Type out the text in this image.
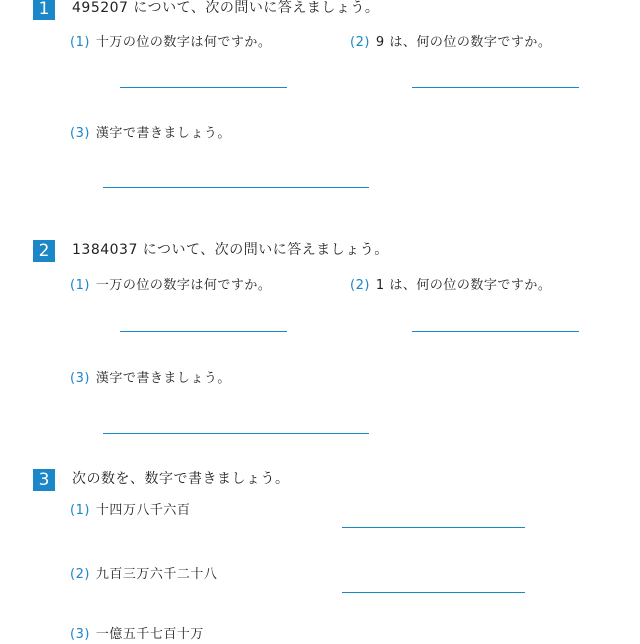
1	495207 について、次の問いに答えましょう。
(1) 十万の位の数字は何ですか。	(2) 9 は、何の位の数字ですか。
(3) 漢字で書きましょう。
2	1384037 について、次の問いに答えましょう。
(1) 一万の位の数字は何ですか。	(2) 1 は、何の位の数字ですか。
(3) 漢字で書きましょう。
3	次の数を、数字で書きましょう。
(1) 十四万八千六百
(2) 九百三万六千二十八
(3) 一億五千七百十万
